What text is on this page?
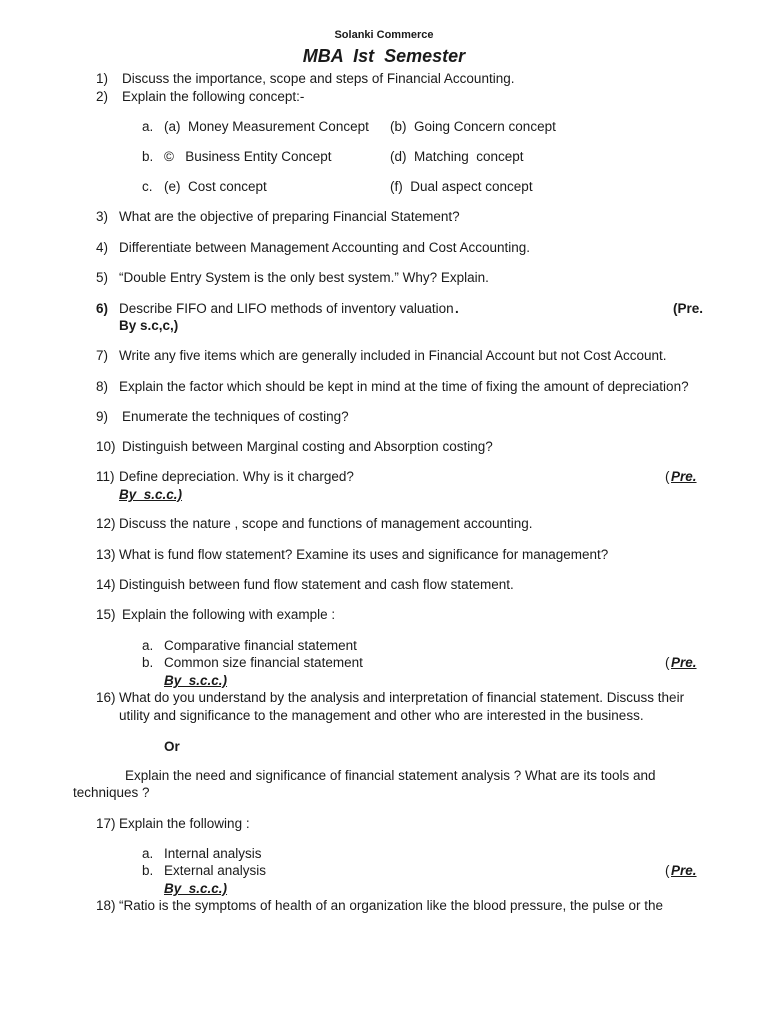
Solanki Commerce
MBA  Ist  Semester
1) Discuss the importance, scope and steps of Financial Accounting.
2) Explain the following concept:-
a. (a)  Money Measurement Concept (b)  Going Concern concept
b. ©   Business Entity Concept	(d)  Matching  concept
c. (e)  Cost concept	(f)  Dual aspect concept
3) What are the objective of preparing Financial Statement?
4) Differentiate between Management Accounting and Cost Accounting.
5) “Double Entry System is the only best system.” Why? Explain.
6) Describe FIFO and LIFO methods of inventory valuation .	(Pre.
By s.c,c,)
7) Write any five items which are generally included in Financial Account but not Cost Account.
8) Explain the factor which should be kept in mind at the time of fixing the amount of depreciation?
9) Enumerate the techniques of costing?
10) Distinguish between Marginal costing and Absorption costing?
11) Define depreciation. Why is it charged?	( Pre.
By  s.c.c.)
12) Discuss the nature , scope and functions of management accounting.
13) What is fund flow statement? Examine its uses and significance for management?
14) Distinguish between fund flow statement and cash flow statement.
15) Explain the following with example :
a. Comparative financial statement
b. Common size financial statement	( Pre.
By  s.c.c.)
16) What do you understand by the analysis and interpretation of financial statement. Discuss their
utility and significance to the management and other who are interested in the business.
Or
Explain the need and significance of financial statement analysis ? What are its tools and
techniques ?
17) Explain the following :
a. Internal analysis
b. External analysis	( Pre.
By  s.c.c.)
18) “Ratio is the symptoms of health of an organization like the blood pressure, the pulse or the
